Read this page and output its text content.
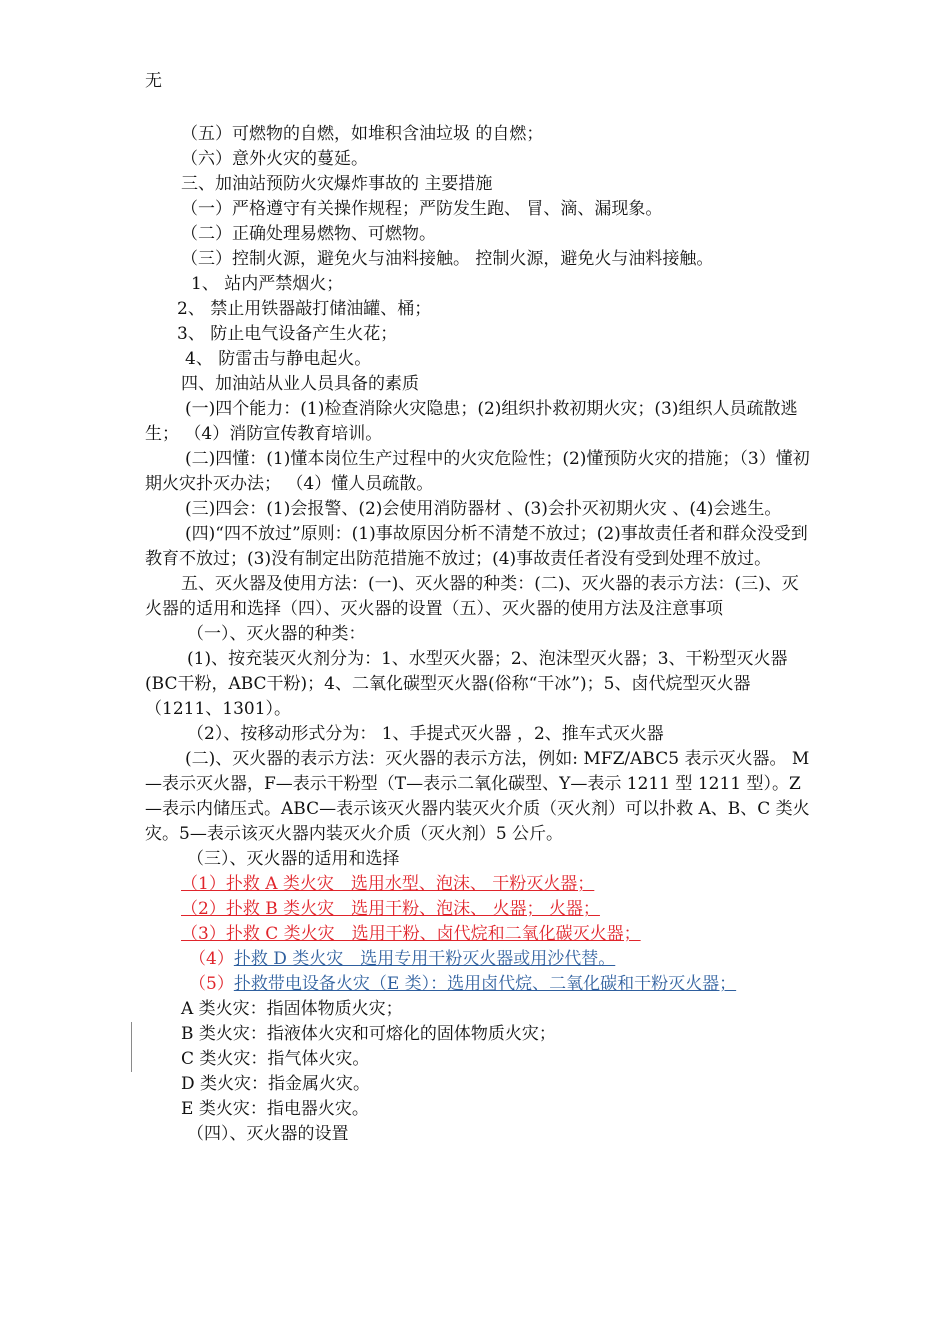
无

（五）可燃物的自燃，如堆积含油垃圾 的自燃；

（六）意外火灾的蔓延。

三、加油站预防火灾爆炸事故的 主要措施

（一）严格遵守有关操作规程；严防发生跑、 冒、滴、漏现象。

（二）正确处理易燃物、可燃物。

（三）控制火源，避免火与油料接触。 控制火源，避免火与油料接触。

1、 站内严禁烟火；

2、 禁止用铁器敲打储油罐、桶；

3、 防止电气设备产生火花；

4、 防雷击与静电起火。

四、加油站从业人员具备的素质

(一)四个能力：(1)检查消除火灾隐患；(2)组织扑救初期火灾；(3)组织人员疏散逃生； （4）消防宣传教育培训。

(二)四懂：(1)懂本岗位生产过程中的火灾危险性；(2)懂预防火灾的措施；（3）懂初期火灾扑灭办法； （4）懂人员疏散。

(三)四会：(1)会报警、(2)会使用消防器材 、(3)会扑灭初期火灾 、(4)会逃生。

(四)“四不放过”原则：(1)事故原因分析不清楚不放过；(2)事故责任者和群众没受到教育不放过；(3)没有制定出防范措施不放过；(4)事故责任者没有受到处理不放过。

五、灭火器及使用方法：(一)、灭火器的种类：(二)、灭火器的表示方法：(三)、灭火器的适用和选择（四）、灭火器的设置（五）、灭火器的使用方法及注意事项

（一）、灭火器的种类：

(1)、按充装灭火剂分为：1、水型灭火器；2、泡沫型灭火器；3、干粉型灭火器(BC干粉，ABC干粉)；4、二氧化碳型灭火器(俗称“干冰”)；5、卤代烷型灭火器（1211、1301）。

（2）、按移动形式分为： 1、手提式灭火器 ，2、推车式灭火器

(二)、灭火器的表示方法：灭火器的表示方法，例如: MFZ/ABC5 表示灭火器。 M—表示灭火器，F—表示干粉型（T—表示二氧化碳型、Y—表示 1211 型 1211 型）。Z—表示内储压式。ABC—表示该灭火器内装灭火介质（灭火剂）可以扑救 A、B、C 类火灾。5—表示该灭火器内装灭火介质（灭火剂）5 公斤。

（三）、灭火器的适用和选择

（1）扑救 A 类火灾　选用水型、泡沫、 干粉灭火器；

（2）扑救 B 类火灾　选用干粉、泡沫、 火器； 火器；

（3）扑救 C 类火灾　选用干粉、卤代烷和二氧化碳灭火器；

（4）扑救 D 类火灾　选用专用干粉灭火器或用沙代替。

（5）扑救带电设备火灾（E 类）：选用卤代烷、二氧化碳和干粉灭火器；

A 类火灾：指固体物质火灾；

B 类火灾：指液体火灾和可熔化的固体物质火灾；

C 类火灾：指气体火灾。

D 类火灾：指金属火灾。

E 类火灾：指电器火灾。

（四）、灭火器的设置
